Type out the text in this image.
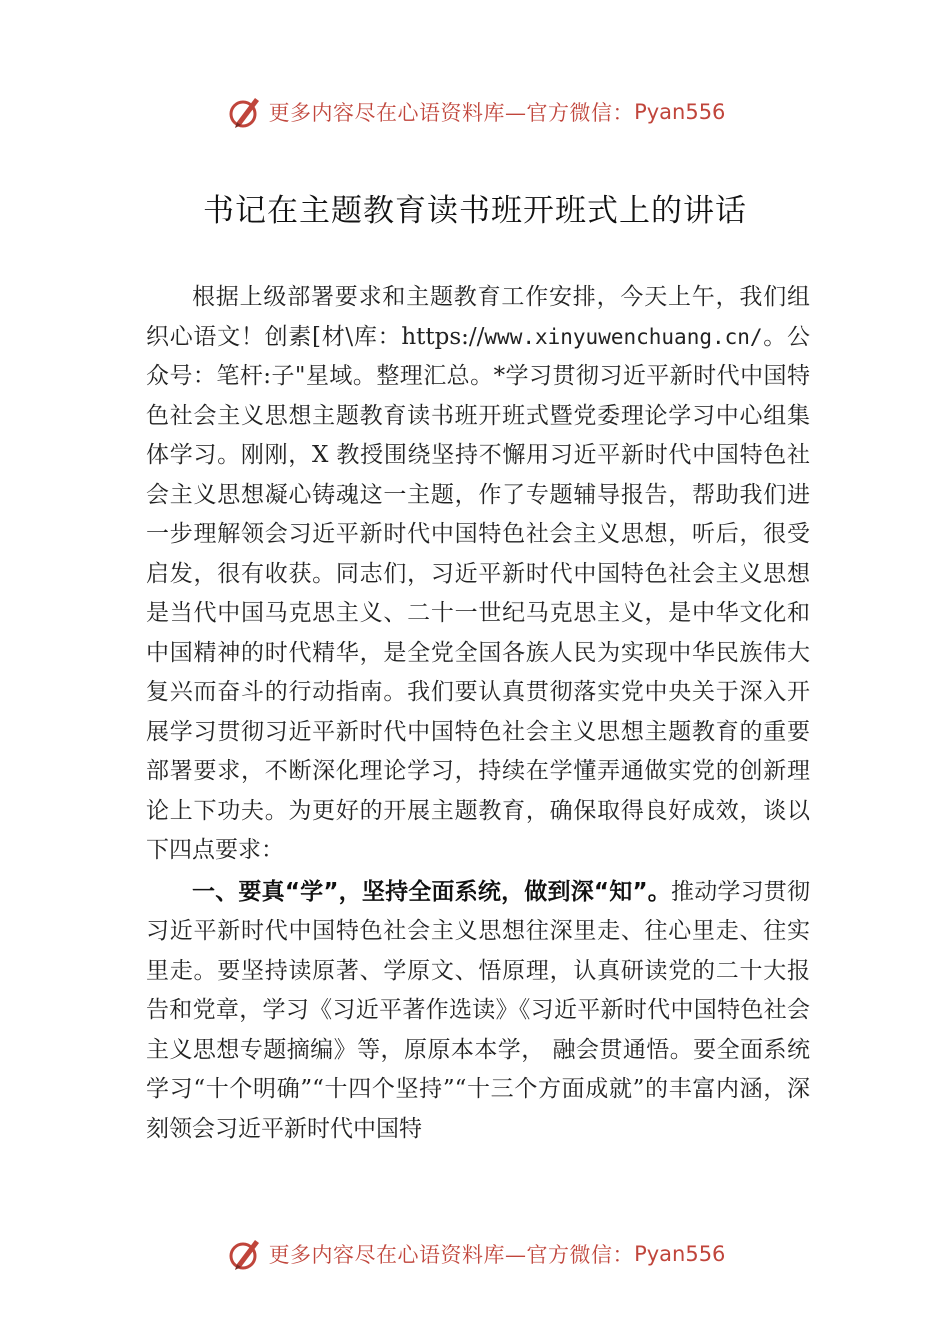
更多内容尽在心语资料库—官方微信： Pyan556
书记在主题教育读书班开班式上的讲话

根据上级部署要求和主题教育工作安排，今天上午，我们组织心语文！创素[材\库：https://www.xinyuwenchuang.cn/。公众号：笔杆:子"星域。整理汇总。*学习贯彻习近平新时代中国特色社会主义思想主题教育读书班开班式暨党委理论学习中心组集体学习。刚刚，X 教授围绕坚持不懈用习近平新时代中国特色社会主义思想凝心铸魂这一主题，作了专题辅导报告，帮助我们进一步理解领会习近平新时代中国特色社会主义思想，听后，很受启发，很有收获。同志们，习近平新时代中国特色社会主义思想是当代中国马克思主义、二十一世纪马克思主义，是中华文化和中国精神的时代精华，是全党全国各族人民为实现中华民族伟大复兴而奋斗的行动指南。我们要认真贯彻落实党中央关于深入开展学习贯彻习近平新时代中国特色社会主义思想主题教育的重要部署要求，不断深化理论学习，持续在学懂弄通做实党的创新理论上下功夫。为更好的开展主题教育，确保取得良好成效，谈以下四点要求：

一、要真“学”，坚持全面系统，做到深“知”。推动学习贯彻习近平新时代中国特色社会主义思想往深里走、往心里走、往实里走。要坚持读原著、学原文、悟原理，认真研读党的二十大报告和党章，学习《习近平著作选读》《习近平新时代中国特色社会主义思想专题摘编》等，原原本本学， 融会贯通悟。要全面系统学习“十个明确”“十四个坚持”“十三个方面成就”的丰富内涵，深刻领会习近平新时代中国特

更多内容尽在心语资料库—官方微信： Pyan556
